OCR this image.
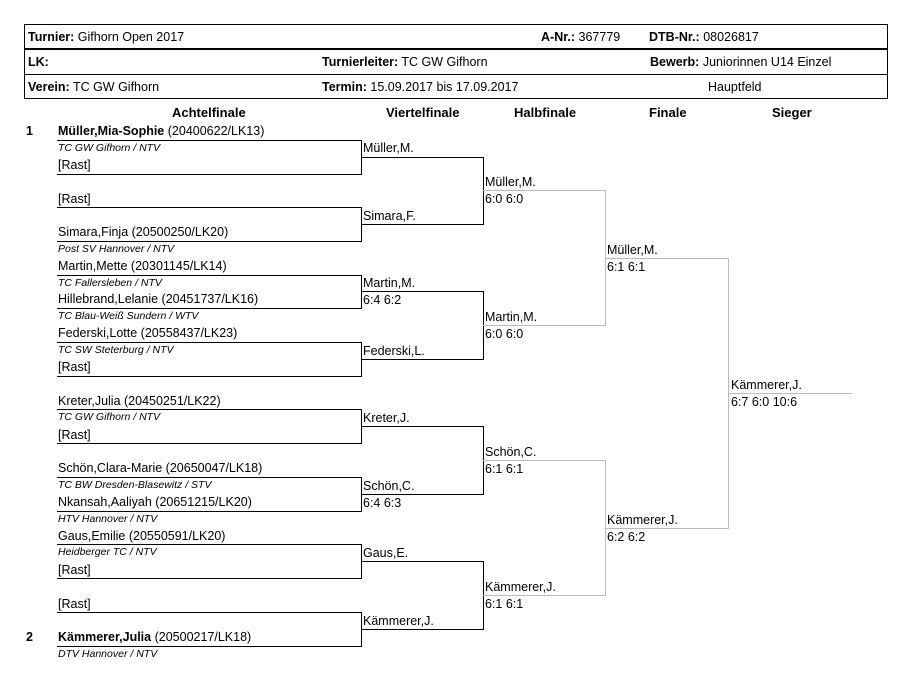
Turnier: Gifhorn Open 2017	A-Nr.: 367779 DTB-Nr.: 08026817
LK:	Turnierleiter: TC GW Gifhorn	Bewerb: Juniorinnen U14 Einzel
Verein: TC GW Gifhorn	Termin: 15.09.2017 bis 17.09.2017	Hauptfeld
Achtelfinale	Viertelfinale	Halbfinale	Finale	Sieger
1
2
Müller,Mia-Sophie (20400622/LK13)
TC GW Gifhorn / NTV
[Rast]
[Rast]
Simara,Finja (20500250/LK20)
Post SV Hannover / NTV
Martin,Mette (20301145/LK14)
TC Fallersleben / NTV
Hillebrand,Lelanie (20451737/LK16)
TC Blau-Weiß Sundern / WTV
Federski,Lotte (20558437/LK23)
TC SW Steterburg / NTV
[Rast]
Kreter,Julia (20450251/LK22)
TC GW Gifhorn / NTV
[Rast]
Schön,Clara-Marie (20650047/LK18)
TC BW Dresden-Blasewitz / STV
Nkansah,Aaliyah (20651215/LK20)
HTV Hannover / NTV
Gaus,Emilie (20550591/LK20)
Heidberger TC / NTV
[Rast]
[Rast]
Kämmerer,Julia (20500217/LK18)
DTV Hannover / NTV
Müller,M.
Simara,F.
Martin,M.
6:4 6:2
Federski,L.
Kreter,J.
Schön,C.
6:4 6:3
Gaus,E.
Kämmerer,J.
Müller,M.
6:0 6:0
Martin,M.
6:0 6:0
Schön,C.
6:1 6:1
Kämmerer,J.
6:1 6:1
Müller,M.
6:1 6:1
Kämmerer,J.
6:2 6:2
Kämmerer,J.
6:7 6:0 10:6
